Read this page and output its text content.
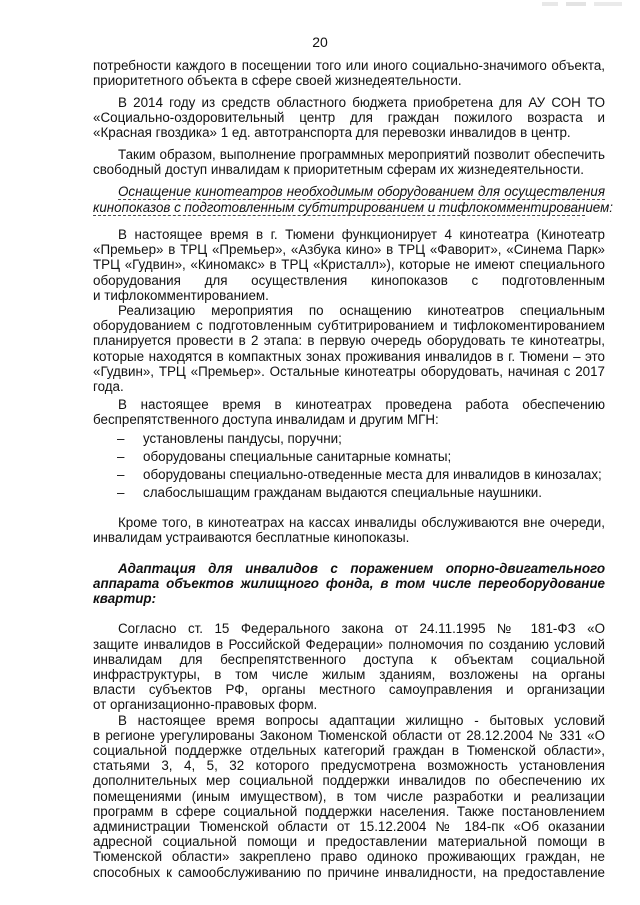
20
потребности каждого в посещении того или иного социально-значимого объекта,
приоритетного объекта в сфере своей жизнедеятельности.
В 2014 году из средств областного бюджета приобретена для АУ СОН ТО
«Социально-оздоровительный центр для граждан пожилого возраста и
«Красная гвоздика» 1 ед. автотранспорта для перевозки инвалидов в центр.
Таким образом, выполнение программных мероприятий позволит обеспечить
свободный доступ инвалидам к приоритетным сферам их жизнедеятельности.
Оснащение кинотеатров необходимым оборудованием для осуществления
кинопоказов с подготовленным субтитрированием и тифлокомментированием:
В настоящее время в г. Тюмени функционирует 4 кинотеатра (Кинотеатр
«Премьер» в ТРЦ «Премьер», «Азбука кино» в ТРЦ «Фаворит», «Синема Парк»
ТРЦ «Гудвин», «Киномакс» в ТРЦ «Кристалл»), которые не имеют специального
оборудования для осуществления кинопоказов с подготовленным
и тифлокомментированием.
Реализацию мероприятия по оснащению кинотеатров специальным
оборудованием с подготовленным субтитрированием и тифлокоментированием
планируется провести в 2 этапа: в первую очередь оборудовать те кинотеатры,
которые находятся в компактных зонах проживания инвалидов в г. Тюмени – это
«Гудвин», ТРЦ «Премьер». Остальные кинотеатры оборудовать, начиная с 2017
года.
В настоящее время в кинотеатрах проведена работа обеспечению
беспрепятственного доступа инвалидам и другим МГН:
установлены пандусы, поручни;
оборудованы специальные санитарные комнаты;
оборудованы специально-отведенные места для инвалидов в кинозалах;
слабослышащим гражданам выдаются специальные наушники.
Кроме того, в кинотеатрах на кассах инвалиды обслуживаются вне очереди,
инвалидам устраиваются бесплатные кинопоказы.
Адаптация для инвалидов с поражением опорно-двигательного
аппарата объектов жилищного фонда, в том числе переоборудование
квартир:
Согласно ст. 15 Федерального закона от 24.11.1995 № 181-ФЗ «О
защите инвалидов в Российской Федерации» полномочия по созданию условий
инвалидам для беспрепятственного доступа к объектам социальной
инфраструктуры, в том числе жилым зданиям, возложены на органы
власти субъектов РФ, органы местного самоуправления и организации
от организационно-правовых форм.
В настоящее время вопросы адаптации жилищно - бытовых условий
в регионе урегулированы Законом Тюменской области от 28.12.2004 № 331 «О
социальной поддержке отдельных категорий граждан в Тюменской области»,
статьями 3, 4, 5, 32 которого предусмотрена возможность установления
дополнительных мер социальной поддержки инвалидов по обеспечению их
помещениями (иным имуществом), в том числе разработки и реализации
программ в сфере социальной поддержки населения. Также постановлением
администрации Тюменской области от 15.12.2004 № 184-пк «Об оказании
адресной социальной помощи и предоставлении материальной помощи в
Тюменской области» закреплено право одиноко проживающих граждан, не
способных к самообслуживанию по причине инвалидности, на предоставление
–
–
–
–
